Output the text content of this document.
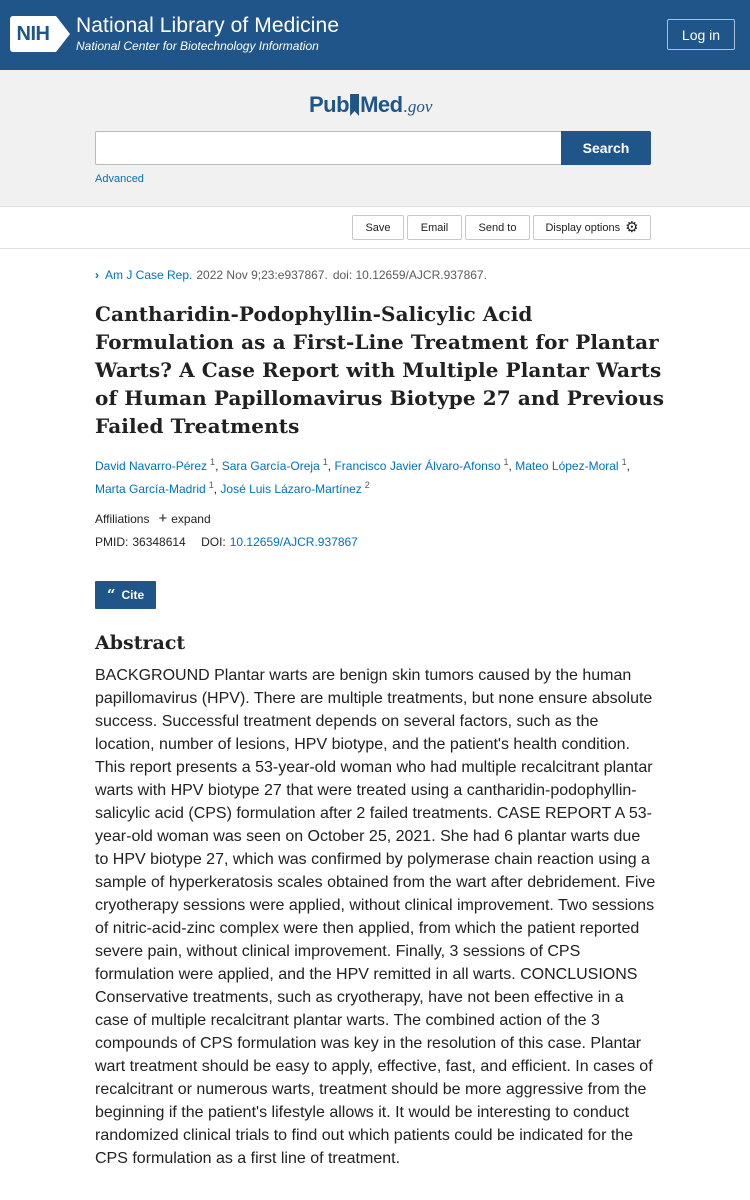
NIH	National Library of Medicine
National Center for Biotechnology Information
Log in
Pub Med .gov
Search
Advanced
Save	Email	Send to	Display options ⚙
› Am J Case Rep. 2022 Nov 9;23:e937867. doi: 10.12659/AJCR.937867.
Cantharidin-Podophyllin-Salicylic Acid Formulation as a First-Line Treatment for Plantar Warts? A Case Report with Multiple Plantar Warts of Human Papillomavirus Biotype 27 and Previous Failed Treatments
David Navarro-Pérez $^1$, Sara García-Oreja $^1$, Francisco Javier Álvaro-Afonso $^1$, Mateo López-Moral $^1$,
Marta García-Madrid $^1$, José Luis Lázaro-Martínez $^2$
Affiliations + expand
PMID: 36348614 DOI: 10.12659/AJCR.937867
“ Cite
Abstract

BACKGROUND Plantar warts are benign skin tumors caused by the human papillomavirus (HPV). There are multiple treatments, but none ensure absolute success. Successful treatment depends on several factors, such as the location, number of lesions, HPV biotype, and the patient's health condition. This report presents a 53-year-old woman who had multiple recalcitrant plantar warts with HPV biotype 27 that were treated using a cantharidin-podophyllin-salicylic acid (CPS) formulation after 2 failed treatments. CASE REPORT A 53-year-old woman was seen on October 25, 2021. She had 6 plantar warts due to HPV biotype 27, which was confirmed by polymerase chain reaction using a sample of hyperkeratosis scales obtained from the wart after debridement. Five cryotherapy sessions were applied, without clinical improvement. Two sessions of nitric-acid-zinc complex were then applied, from which the patient reported severe pain, without clinical improvement. Finally, 3 sessions of CPS formulation were applied, and the HPV remitted in all warts. CONCLUSIONS Conservative treatments, such as cryotherapy, have not been effective in a case of multiple recalcitrant plantar warts. The combined action of the 3 compounds of CPS formulation was key in the resolution of this case. Plantar wart treatment should be easy to apply, effective, fast, and efficient. In cases of recalcitrant or numerous warts, treatment should be more aggressive from the beginning if the patient's lifestyle allows it. It would be interesting to conduct randomized clinical trials to find out which patients could be indicated for the CPS formulation as a first line of treatment.
